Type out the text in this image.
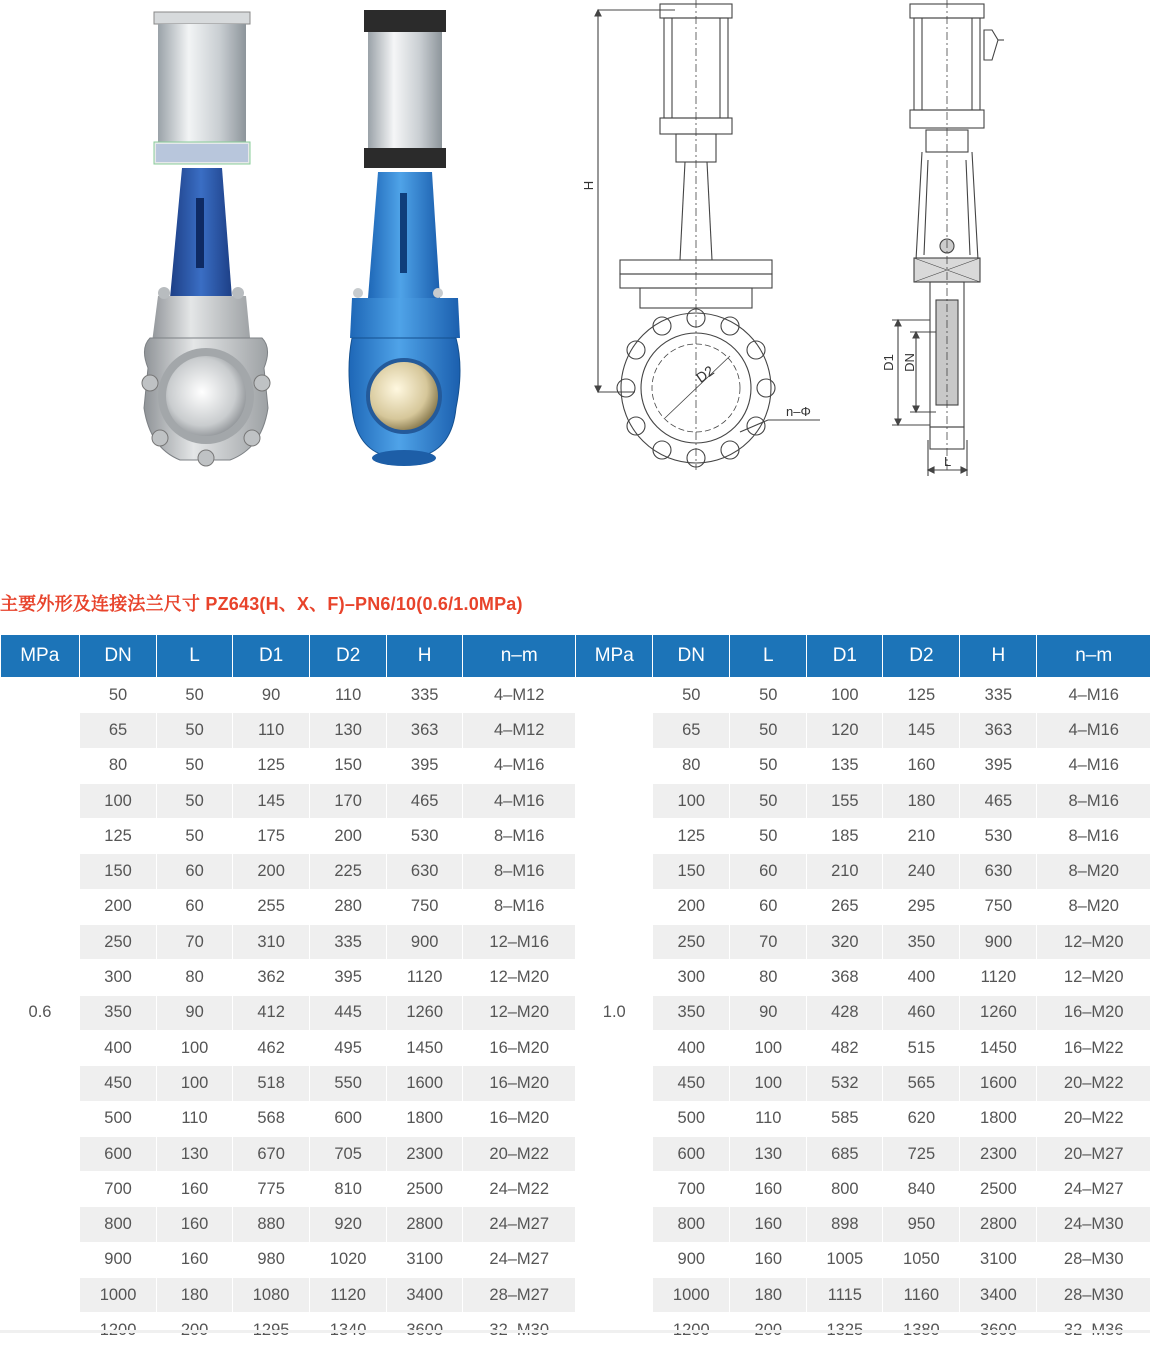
H
D2
n–Φ
D1 DN
L
主要外形及连接法兰尺寸 PZ643(H、X、F)–PN6/10(0.6/1.0MPa)
MPa	DN	L	D1	D2	H	n–m	MPa	DN	L	D1	D2	H	n–m
0.6	50	50	90	110	335	4–M12	1.0	50	50	100	125	335	4–M16
	65	50	110	130	363	4–M12		65	50	120	145	363	4–M16
	80	50	125	150	395	4–M16		80	50	135	160	395	4–M16
	100	50	145	170	465	4–M16		100	50	155	180	465	8–M16
	125	50	175	200	530	8–M16		125	50	185	210	530	8–M16
	150	60	200	225	630	8–M16		150	60	210	240	630	8–M20
	200	60	255	280	750	8–M16		200	60	265	295	750	8–M20
	250	70	310	335	900	12–M16		250	70	320	350	900	12–M20
	300	80	362	395	1120	12–M20		300	80	368	400	1120	12–M20
	350	90	412	445	1260	12–M20		350	90	428	460	1260	16–M20
	400	100	462	495	1450	16–M20		400	100	482	515	1450	16–M22
	450	100	518	550	1600	16–M20		450	100	532	565	1600	20–M22
	500	110	568	600	1800	16–M20		500	110	585	620	1800	20–M22
	600	130	670	705	2300	20–M22		600	130	685	725	2300	20–M27
	700	160	775	810	2500	24–M22		700	160	800	840	2500	24–M27
	800	160	880	920	2800	24–M27		800	160	898	950	2800	24–M30
	900	160	980	1020	3100	24–M27		900	160	1005	1050	3100	28–M30
	1000	180	1080	1120	3400	28–M27		1000	180	1115	1160	3400	28–M30
